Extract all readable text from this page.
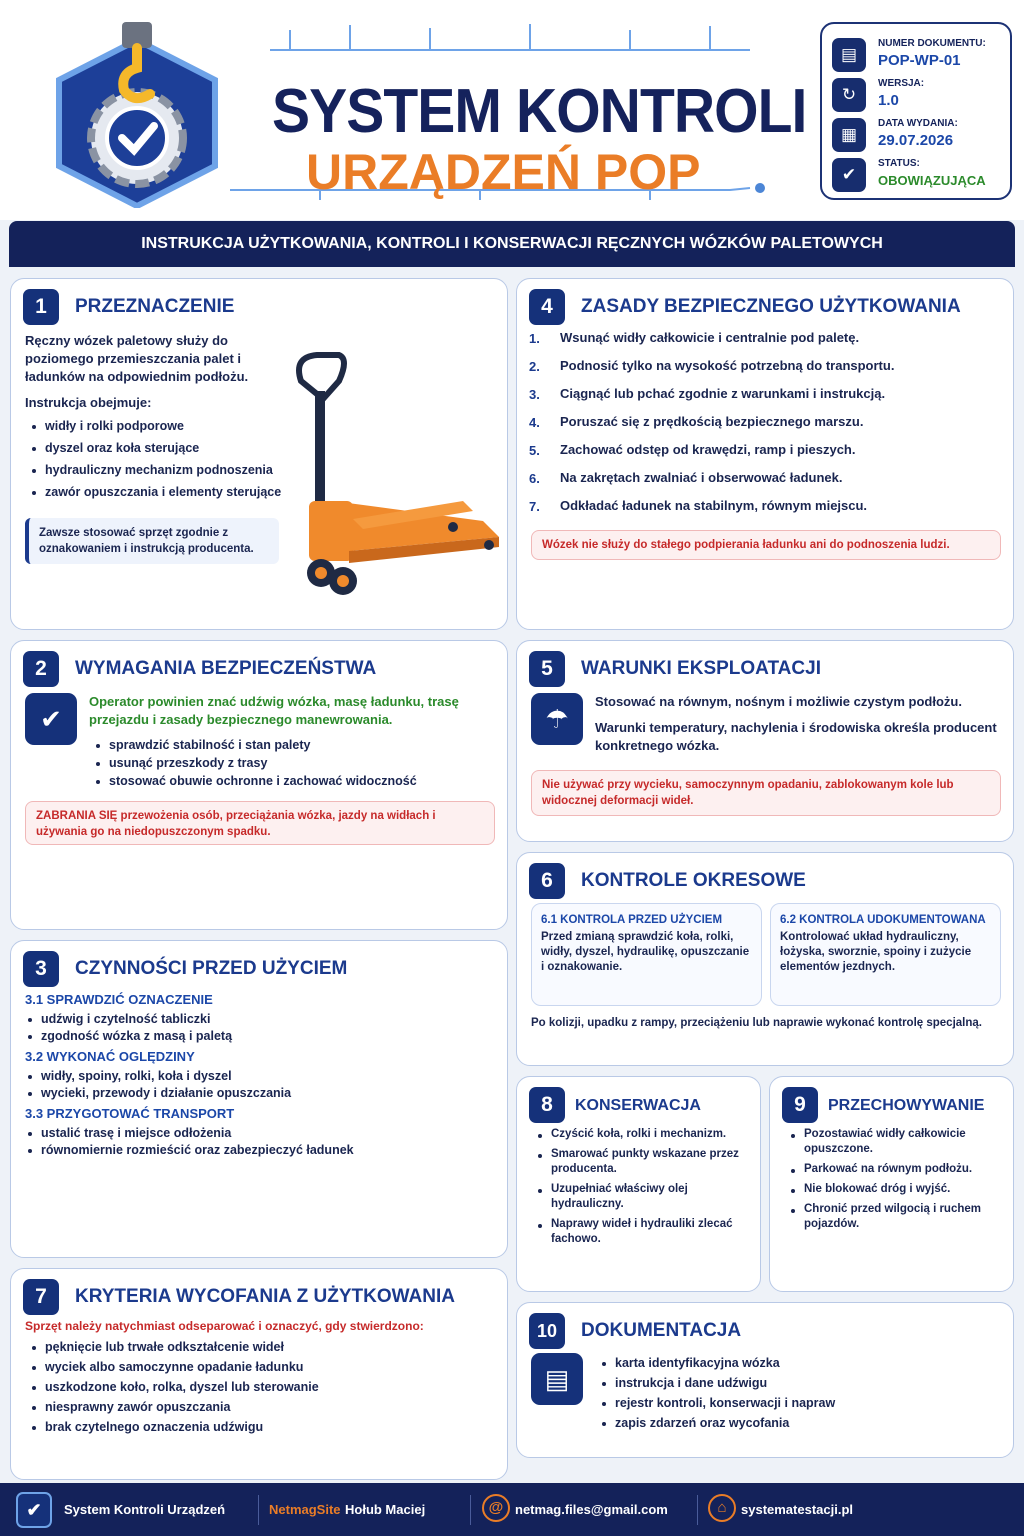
SYSTEM KONTROLI
URZĄDZEŃ POP
▤
NUMER DOKUMENTU:
POP-WP-01
↻
WERSJA:
1.0
▦
DATA WYDANIA:
29.07.2026
✔
STATUS:
OBOWIĄZUJĄCA
INSTRUKCJA UŻYTKOWANIA, KONTROLI I KONSERWACJI RĘCZNYCH WÓZKÓW PALETOWYCH
1	PRZEZNACZENIE
Ręczny wózek paletowy służy do poziomego przemieszczania palet i ładunków na odpowiednim podłożu.
Instrukcja obejmuje:
widły i rolki podporowe
dyszel oraz koła sterujące
hydrauliczny mechanizm podnoszenia
zawór opuszczania i elementy sterujące
Zawsze stosować sprzęt zgodnie z oznakowaniem i instrukcją producenta.
4	ZASADY BEZPIECZNEGO UŻYTKOWANIA
1. Wsunąć widły całkowicie i centralnie pod paletę.
2. Podnosić tylko na wysokość potrzebną do transportu.
3. Ciągnąć lub pchać zgodnie z warunkami i instrukcją.
4. Poruszać się z prędkością bezpiecznego marszu.
5. Zachować odstęp od krawędzi, ramp i pieszych.
6. Na zakrętach zwalniać i obserwować ładunek.
7. Odkładać ładunek na stabilnym, równym miejscu.
Wózek nie służy do stałego podpierania ładunku ani do podnoszenia ludzi.
2	WYMAGANIA BEZPIECZEŃSTWA
✔
Operator powinien znać udźwig wózka, masę ładunku, trasę przejazdu i zasady bezpiecznego manewrowania.
sprawdzić stabilność i stan palety
usunąć przeszkody z trasy
stosować obuwie ochronne i zachować widoczność
ZABRANIA SIĘ przewożenia osób, przeciążania wózka, jazdy na widłach i używania go na niedopuszczonym spadku.
5	WARUNKI EKSPLOATACJI
☂
Stosować na równym, nośnym i możliwie czystym podłożu.
Warunki temperatury, nachylenia i środowiska określa producent konkretnego wózka.
Nie używać przy wycieku, samoczynnym opadaniu, zablokowanym kole lub widocznej deformacji wideł.
6	KONTROLE OKRESOWE
6.1 KONTROLA PRZED UŻYCIEM

Przed zmianą sprawdzić koła, rolki, widły, dyszel, hydraulikę, opuszczanie i oznakowanie.

6.2 KONTROLA UDOKUMENTOWANA

Kontrolować układ hydrauliczny, łożyska, sworznie, spoiny i zużycie elementów jezdnych.

Po kolizji, upadku z rampy, przeciążeniu lub naprawie wykonać kontrolę specjalną.
3	CZYNNOŚCI PRZED UŻYCIEM
3.1 SPRAWDZIĆ OZNACZENIE
udźwig i czytelność tabliczki
zgodność wózka z masą i paletą
3.2 WYKONAĆ OGLĘDZINY
widły, spoiny, rolki, koła i dyszel
wycieki, przewody i działanie opuszczania
3.3 PRZYGOTOWAĆ TRANSPORT
ustalić trasę i miejsce odłożenia
równomiernie rozmieścić oraz zabezpieczyć ładunek
8	KONSERWACJA
Czyścić koła, rolki i mechanizm.
Smarować punkty wskazane przez producenta.
Uzupełniać właściwy olej hydrauliczny.
Naprawy wideł i hydrauliki zlecać fachowo.
9	PRZECHOWYWANIE
Pozostawiać widły całkowicie opuszczone.
Parkować na równym podłożu.
Nie blokować dróg i wyjść.
Chronić przed wilgocią i ruchem pojazdów.
7	KRYTERIA WYCOFANIA Z UŻYTKOWANIA
Sprzęt należy natychmiast odseparować i oznaczyć, gdy stwierdzono:
pęknięcie lub trwałe odkształcenie wideł
wyciek albo samoczynne opadanie ładunku
uszkodzone koło, rolka, dyszel lub sterowanie
niesprawny zawór opuszczania
brak czytelnego oznaczenia udźwigu
10	DOKUMENTACJA
▤
karta identyfikacyjna wózka
instrukcja i dane udźwigu
rejestr kontroli, konserwacji i napraw
zapis zdarzeń oraz wycofania
✔	System Kontroli Urządzeń	NetmagSite Hołub Maciej	@ netmag.files@gmail.com	⌂	systematestacji.pl
